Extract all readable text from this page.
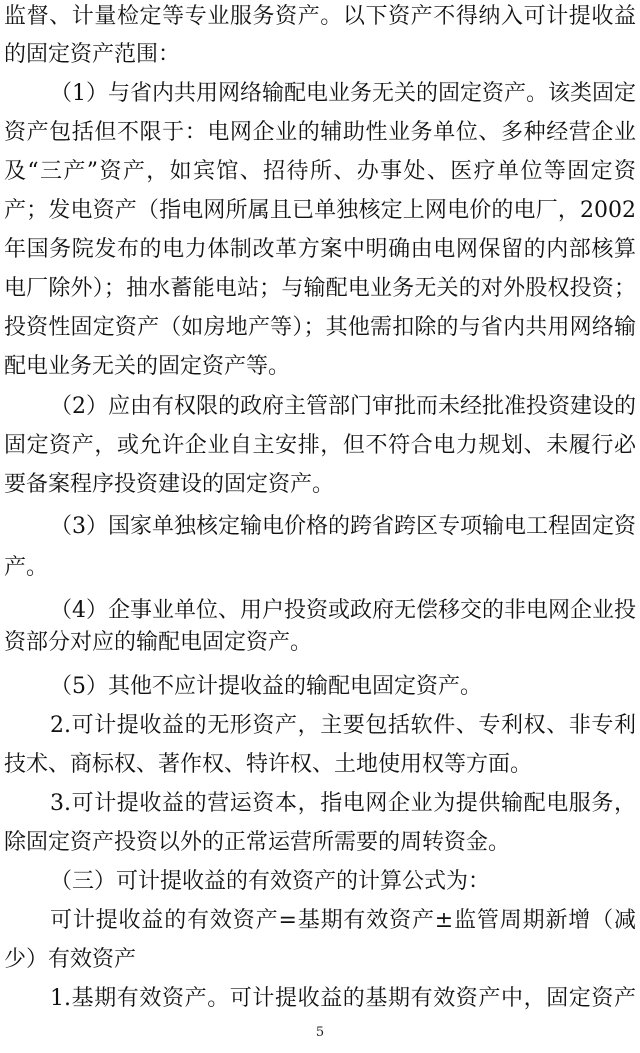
监督、计量检定等专业服务资产。以下资产不得纳入可计提收益
的固定资产范围：
（1）与省内共用网络输配电业务无关的固定资产。该类固定
资产包括但不限于：电网企业的辅助性业务单位、多种经营企业
及“三产”资产，如宾馆、招待所、办事处、医疗单位等固定资
产；发电资产（指电网所属且已单独核定上网电价的电厂，2002
年国务院发布的电力体制改革方案中明确由电网保留的内部核算
电厂除外）；抽水蓄能电站；与输配电业务无关的对外股权投资；
投资性固定资产（如房地产等）；其他需扣除的与省内共用网络输
配电业务无关的固定资产等。
（2）应由有权限的政府主管部门审批而未经批准投资建设的
固定资产，或允许企业自主安排，但不符合电力规划、未履行必
要备案程序投资建设的固定资产。
（3）国家单独核定输电价格的跨省跨区专项输电工程固定资
产。
（4）企事业单位、用户投资或政府无偿移交的非电网企业投
资部分对应的输配电固定资产。
（5）其他不应计提收益的输配电固定资产。
2.可计提收益的无形资产，主要包括软件、专利权、非专利
技术、商标权、著作权、特许权、土地使用权等方面。
3.可计提收益的营运资本，指电网企业为提供输配电服务，
除固定资产投资以外的正常运营所需要的周转资金。
（三）可计提收益的有效资产的计算公式为：
可计提收益的有效资产=基期有效资产±监管周期新增（减
少）有效资产
1.基期有效资产。可计提收益的基期有效资产中，固定资产
5
